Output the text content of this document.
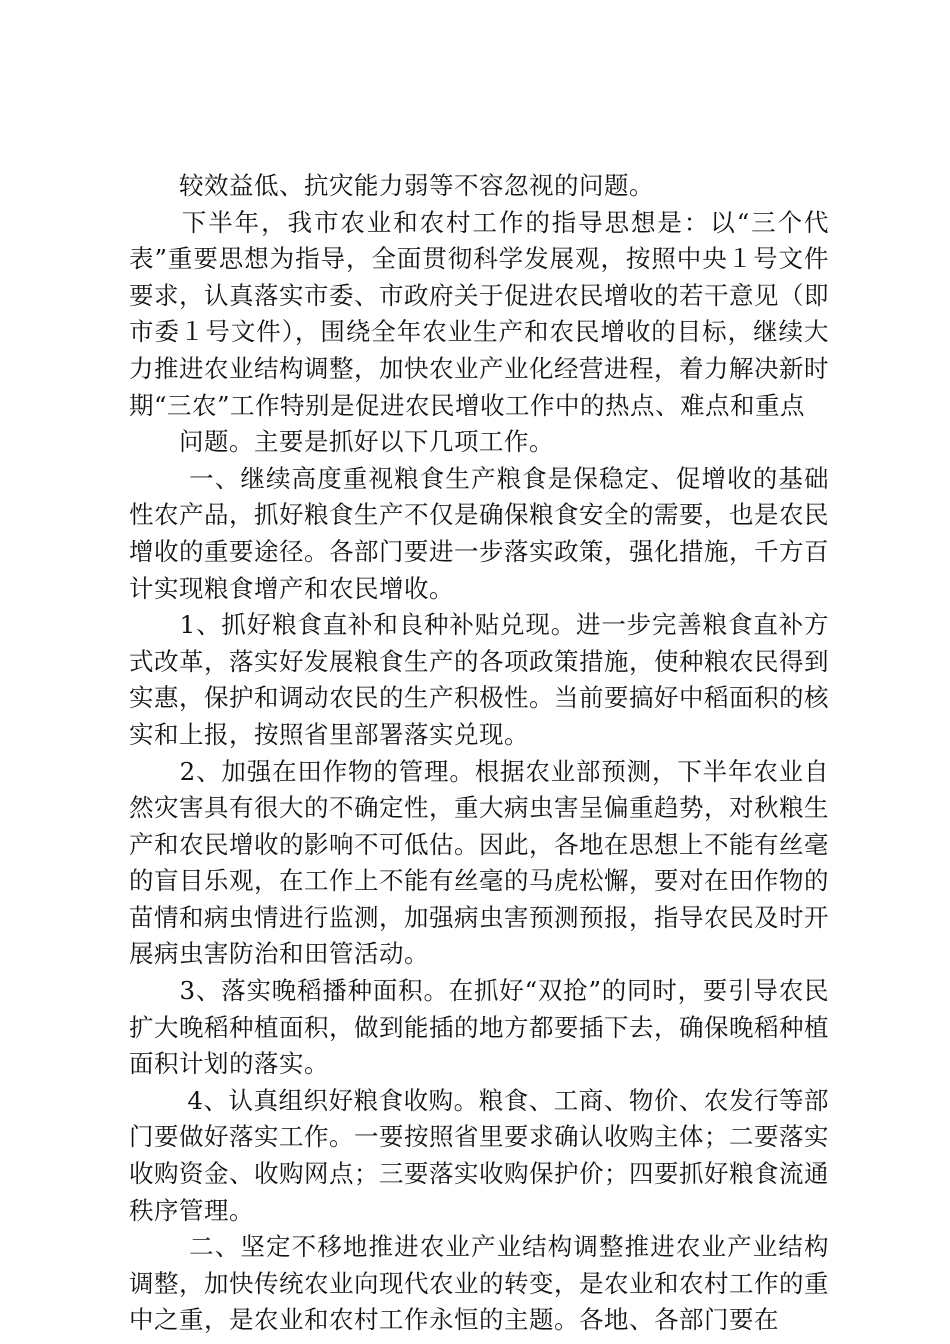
　　较效益低、抗灾能力弱等不容忽视的问题。

　　下半年，我市农业和农村工作的指导思想是：以“三个代表”重要思想为指导，全面贯彻科学发展观，按照中央１号文件要求，认真落实市委、市政府关于促进农民增收的若干意见（即市委１号文件），围绕全年农业生产和农民增收的目标，继续大力推进农业结构调整，加快农业产业化经营进程，着力解决新时期“三农”工作特别是促进农民增收工作中的热点、难点和重点

　　问题。主要是抓好以下几项工作。

　　 一、继续高度重视粮食生产粮食是保稳定、促增收的基础性农产品，抓好粮食生产不仅是确保粮食安全的需要，也是农民增收的重要途径。各部门要进一步落实政策，强化措施，千方百计实现粮食增产和农民增收。

　　1、抓好粮食直补和良种补贴兑现。进一步完善粮食直补方式改革，落实好发展粮食生产的各项政策措施，使种粮农民得到实惠，保护和调动农民的生产积极性。当前要搞好中稻面积的核实和上报，按照省里部署落实兑现。

　　2、加强在田作物的管理。根据农业部预测，下半年农业自然灾害具有很大的不确定性，重大病虫害呈偏重趋势，对秋粮生产和农民增收的影响不可低估。因此，各地在思想上不能有丝毫的盲目乐观，在工作上不能有丝毫的马虎松懈，要对在田作物的苗情和病虫情进行监测，加强病虫害预测预报，指导农民及时开展病虫害防治和田管活动。

　　3、落实晚稻播种面积。在抓好“双抢”的同时，要引导农民扩大晚稻种植面积，做到能插的地方都要插下去，确保晚稻种植面积计划的落实。

　　 4、认真组织好粮食收购。粮食、工商、物价、农发行等部门要做好落实工作。一要按照省里要求确认收购主体；二要落实收购资金、收购网点；三要落实收购保护价；四要抓好粮食流通秩序管理。

　　 二、坚定不移地推进农业产业结构调整推进农业产业结构调整，加快传统农业向现代农业的转变，是农业和农村工作的重中之重，是农业和农村工作永恒的主题。各地、各部门要在
